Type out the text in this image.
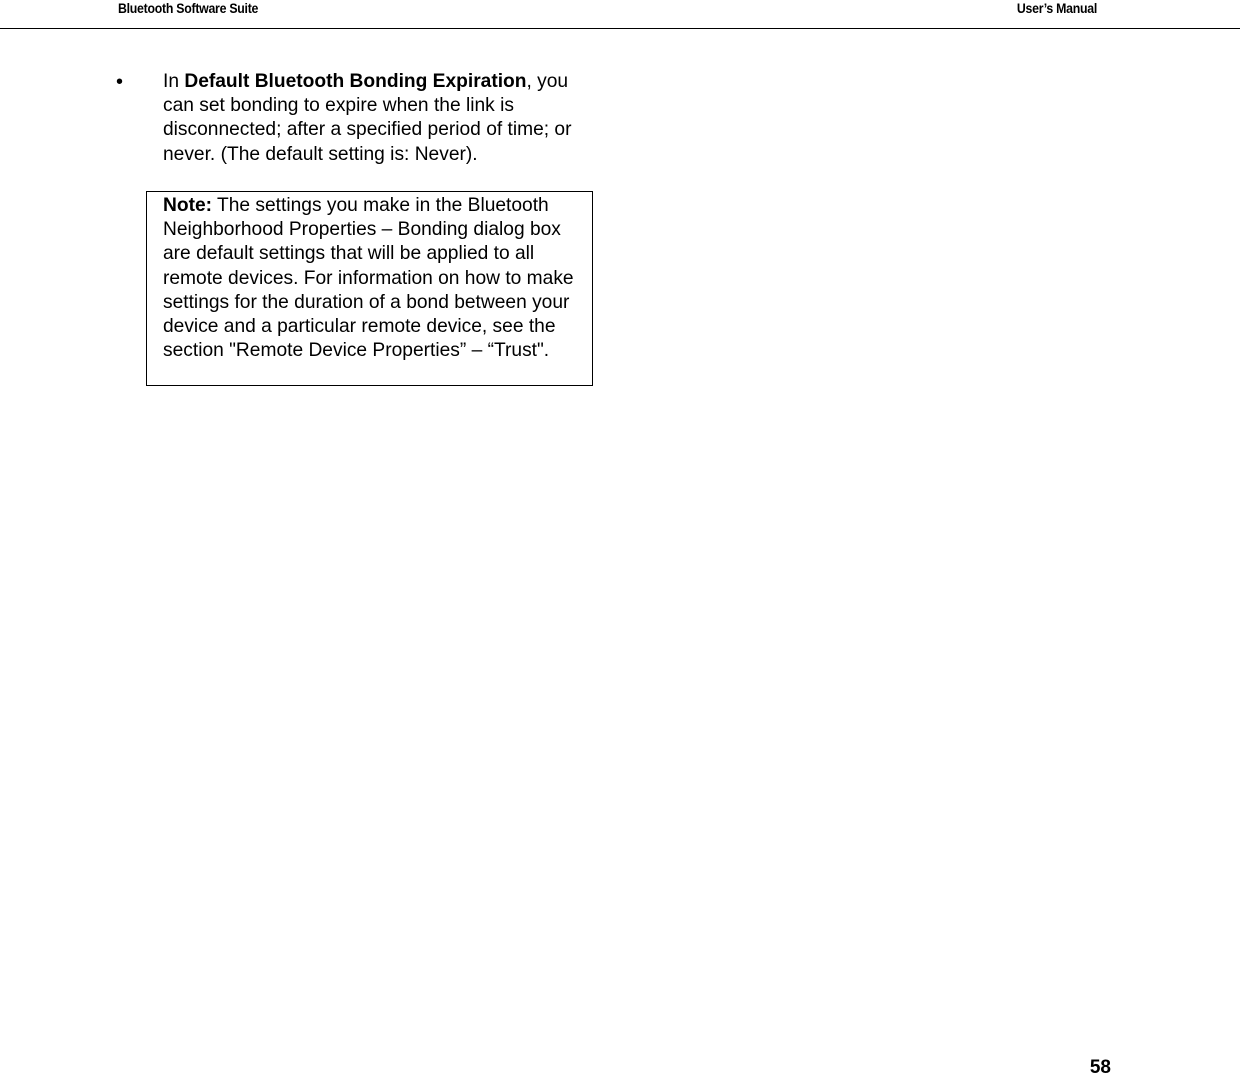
Bluetooth Software Suite	User’s Manual
• In Default Bluetooth Bonding Expiration, you can set bonding to expire when the link is disconnected; after a specified period of time; or never. (The default setting is: Never).
Note: The settings you make in the Bluetooth Neighborhood Properties – Bonding dialog box are default settings that will be applied to all remote devices. For information on how to make settings for the duration of a bond between your device and a particular remote device, see the section "Remote Device Properties” – “Trust".
58
